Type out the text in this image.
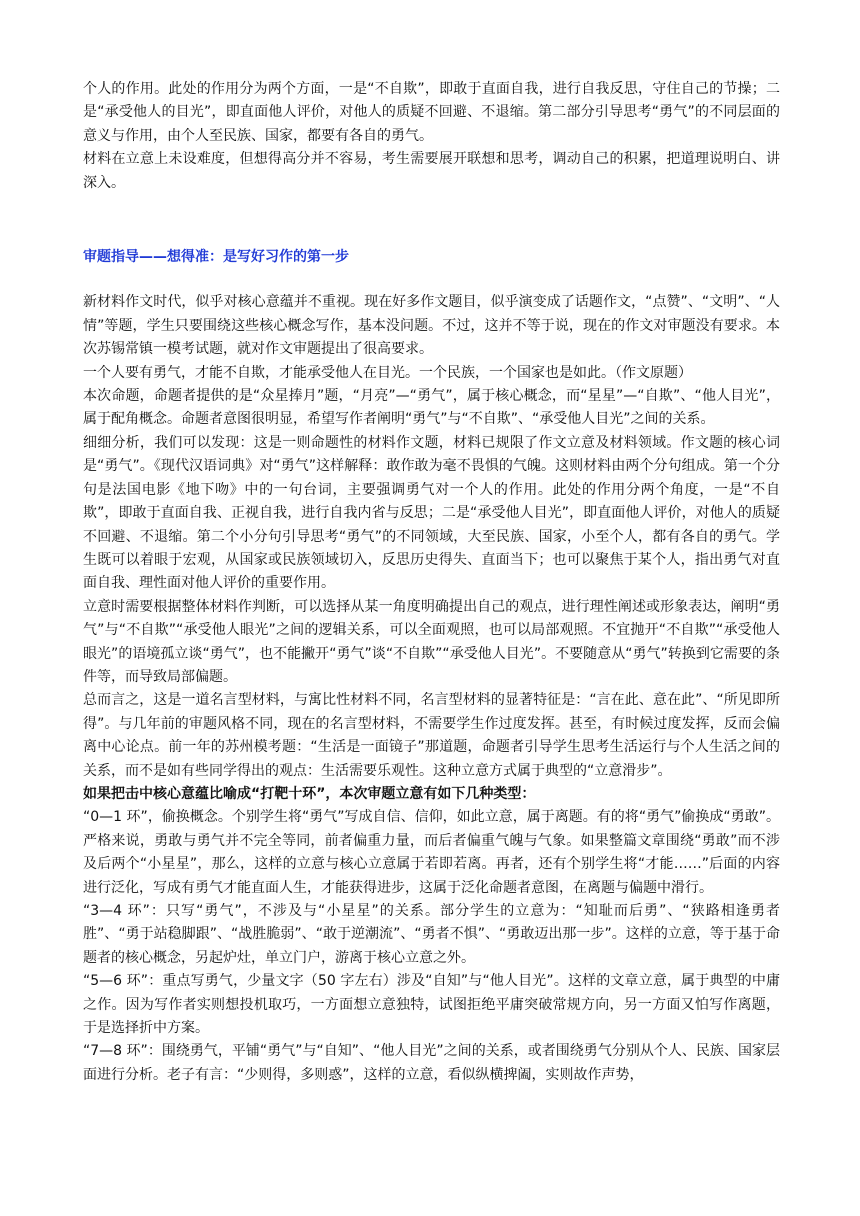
个人的作用。此处的作用分为两个方面，一是“不自欺”，即敢于直面自我，进行自我反思，守住自己的节操；二是“承受他人的目光”，即直面他人评价，对他人的质疑不回避、不退缩。第二部分引导思考“勇气”的不同层面的意义与作用，由个人至民族、国家，都要有各自的勇气。

材料在立意上未设难度，但想得高分并不容易，考生需要展开联想和思考，调动自己的积累，把道理说明白、讲深入。

审题指导——想得准：是写好习作的第一步

新材料作文时代，似乎对核心意蕴并不重视。现在好多作文题目，似乎演变成了话题作文，“点赞”、“文明”、“人情”等题，学生只要围绕这些核心概念写作，基本没问题。不过，这并不等于说，现在的作文对审题没有要求。本次苏锡常镇一模考试题，就对作文审题提出了很高要求。

一个人要有勇气，才能不自欺，才能承受他人在目光。一个民族，一个国家也是如此。（作文原题）

本次命题，命题者提供的是“众星捧月”题，“月亮”—“勇气”，属于核心概念，而“星星”—“自欺”、“他人目光”，属于配角概念。命题者意图很明显，希望写作者阐明“勇气”与“不自欺”、“承受他人目光”之间的关系。

细细分析，我们可以发现：这是一则命题性的材料作文题，材料已规限了作文立意及材料领域。作文题的核心词是“勇气”。《现代汉语词典》对“勇气”这样解释：敢作敢为毫不畏惧的气魄。这则材料由两个分句组成。第一个分句是法国电影《地下吻》中的一句台词，主要强调勇气对一个人的作用。此处的作用分两个角度，一是“不自欺”，即敢于直面自我、正视自我，进行自我内省与反思；二是“承受他人目光”，即直面他人评价，对他人的质疑不回避、不退缩。第二个小分句引导思考“勇气”的不同领域，大至民族、国家，小至个人，都有各自的勇气。学生既可以着眼于宏观，从国家或民族领域切入，反思历史得失、直面当下；也可以聚焦于某个人，指出勇气对直面自我、理性面对他人评价的重要作用。

立意时需要根据整体材料作判断，可以选择从某一角度明确提出自己的观点，进行理性阐述或形象表达，阐明“勇气”与“不自欺”“承受他人眼光”之间的逻辑关系，可以全面观照，也可以局部观照。不宜抛开“不自欺”“承受他人眼光”的语境孤立谈“勇气”，也不能撇开“勇气”谈“不自欺”“承受他人目光”。不要随意从“勇气”转换到它需要的条件等，而导致局部偏题。

总而言之，这是一道名言型材料，与寓比性材料不同，名言型材料的显著特征是：“言在此、意在此”、“所见即所得”。与几年前的审题风格不同，现在的名言型材料，不需要学生作过度发挥。甚至，有时候过度发挥，反而会偏离中心论点。前一年的苏州模考题：“生活是一面镜子”那道题，命题者引导学生思考生活运行与个人生活之间的关系，而不是如有些同学得出的观点：生活需要乐观性。这种立意方式属于典型的“立意滑步”。

如果把击中核心意蕴比喻成“打靶十环”，本次审题立意有如下几种类型：

“0—1 环”，偷换概念。个别学生将“勇气”写成自信、信仰，如此立意，属于离题。有的将“勇气”偷换成“勇敢”。严格来说，勇敢与勇气并不完全等同，前者偏重力量，而后者偏重气魄与气象。如果整篇文章围绕“勇敢”而不涉及后两个“小星星”，那么，这样的立意与核心立意属于若即若离。再者，还有个别学生将“才能……”后面的内容进行泛化，写成有勇气才能直面人生，才能获得进步，这属于泛化命题者意图，在离题与偏题中滑行。

“3—4 环”：只写“勇气”，不涉及与“小星星”的关系。部分学生的立意为：“知耻而后勇”、“狭路相逢勇者胜”、“勇于站稳脚跟”、“战胜脆弱”、“敢于逆潮流”、“勇者不惧”、“勇敢迈出那一步”。这样的立意，等于基于命题者的核心概念，另起炉灶，单立门户，游离于核心立意之外。

“5—6 环”：重点写勇气，少量文字（50 字左右）涉及“自知”与“他人目光”。这样的文章立意，属于典型的中庸之作。因为写作者实则想投机取巧，一方面想立意独特，试图拒绝平庸突破常规方向，另一方面又怕写作离题，于是选择折中方案。

“7—8 环”：围绕勇气，平铺“勇气”与“自知”、“他人目光”之间的关系，或者围绕勇气分别从个人、民族、国家层面进行分析。老子有言：“少则得，多则惑”，这样的立意，看似纵横捭阖，实则故作声势，
